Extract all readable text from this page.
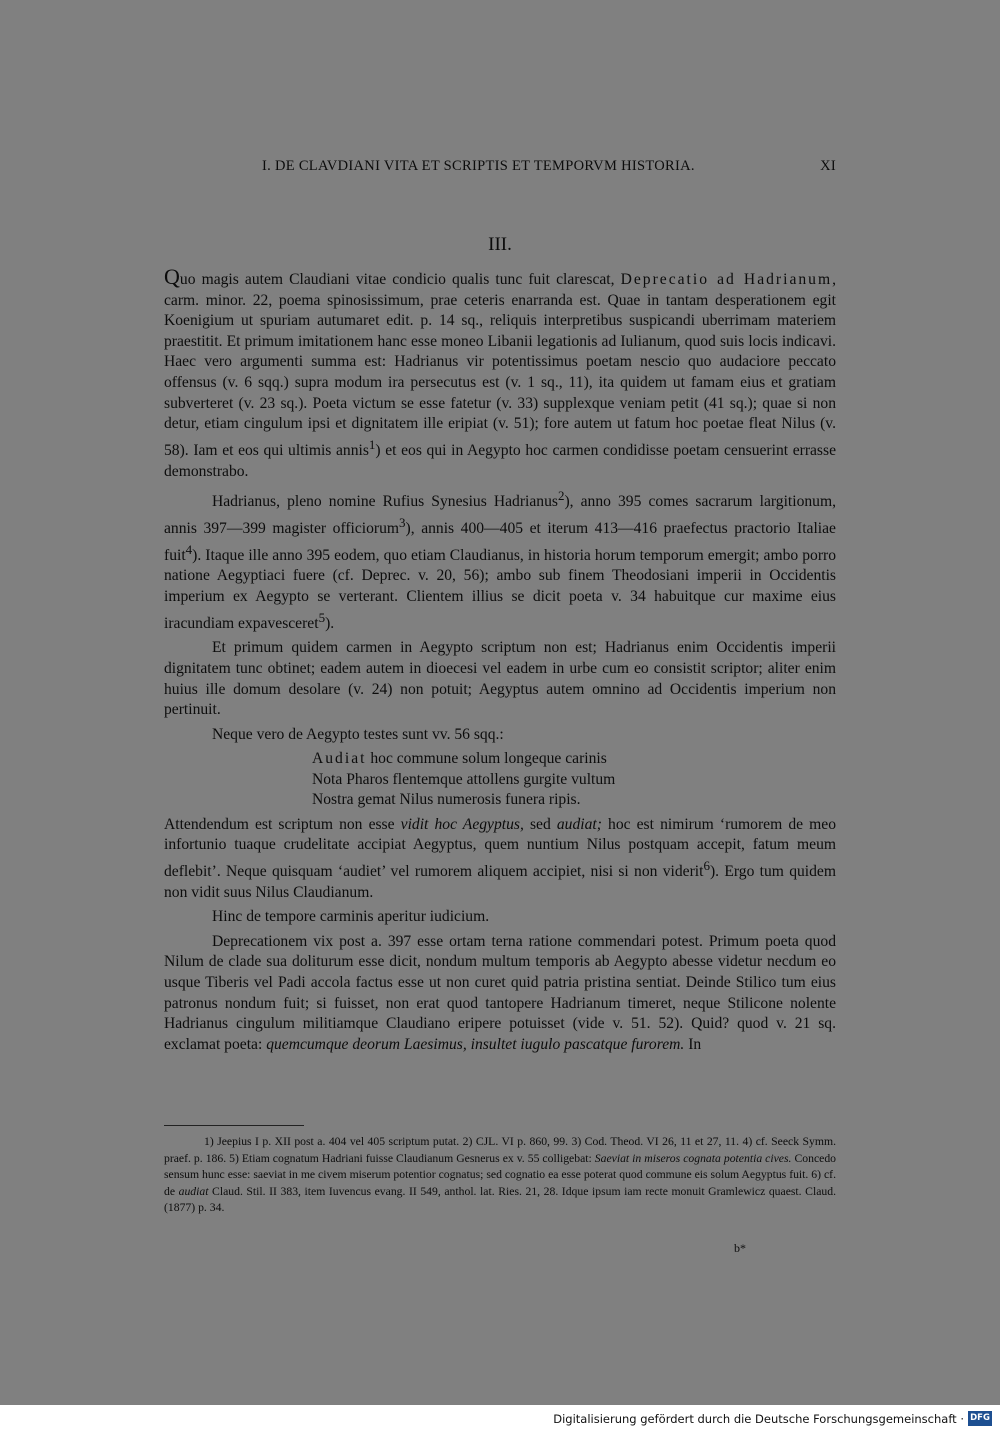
I. DE CLAVDIANI VITA ET SCRIPTIS ET TEMPORVM HISTORIA.	XI
III.

Quo magis autem Claudiani vitae condicio qualis tunc fuit clarescat, Deprecatio ad Hadrianum, carm. minor. 22, poema spinosissimum, prae ceteris enarranda est. Quae in tantam desperationem egit Koenigium ut spuriam autumaret edit. p. 14 sq., reliquis interpretibus suspicandi uberrimam materiem praestitit. Et primum imitationem hanc esse moneo Libanii legationis ad Iulianum, quod suis locis indicavi. Haec vero argumenti summa est: Hadrianus vir potentissimus poetam nescio quo audaciore peccato offensus (v. 6 sqq.) supra modum ira persecutus est (v. 1 sq., 11), ita quidem ut famam eius et gratiam subverteret (v. 23 sq.). Poeta victum se esse fatetur (v. 33) supplexque veniam petit (41 sq.); quae si non detur, etiam cingulum ipsi et dignitatem ille eripiat (v. 51); fore autem ut fatum hoc poetae fleat Nilus (v. 58). Iam et eos qui ultimis annis$^1$) et eos qui in Aegypto hoc carmen condidisse poetam censuerint errasse demonstrabo.

Hadrianus, pleno nomine Rufius Synesius Hadrianus$^2$), anno 395 comes sacrarum largitionum, annis 397—399 magister officiorum$^3$), annis 400—405 et iterum 413—416 praefectus practorio Italiae fuit$^4$). Itaque ille anno 395 eodem, quo etiam Claudianus, in historia horum temporum emergit; ambo porro natione Aegyptiaci fuere (cf. Deprec. v. 20, 56); ambo sub finem Theodosiani imperii in Occidentis imperium ex Aegypto se verterant. Clientem illius se dicit poeta v. 34 habuitque cur maxime eius iracundiam expavesceret$^5$).

Et primum quidem carmen in Aegypto scriptum non est; Hadrianus enim Occidentis imperii dignitatem tunc obtinet; eadem autem in dioecesi vel eadem in urbe cum eo consistit scriptor; aliter enim huius ille domum desolare (v. 24) non potuit; Aegyptus autem omnino ad Occidentis imperium non pertinuit.

Neque vero de Aegypto testes sunt vv. 56 sqq.:

Audiat hoc commune solum longeque carinis
Nota Pharos flentemque attollens gurgite vultum
Nostra gemat Nilus numerosis funera ripis.

Attendendum est scriptum non esse vidit hoc Aegyptus, sed audiat; hoc est nimirum ‘rumorem de meo infortunio tuaque crudelitate accipiat Aegyptus, quem nuntium Nilus postquam accepit, fatum meum deflebit’. Neque quisquam ‘audiet’ vel rumorem aliquem accipiet, nisi si non viderit$^6$). Ergo tum quidem non vidit suus Nilus Claudianum.

Hinc de tempore carminis aperitur iudicium.

Deprecationem vix post a. 397 esse ortam terna ratione commendari potest. Primum poeta quod Nilum de clade sua doliturum esse dicit, nondum multum temporis ab Aegypto abesse videtur necdum eo usque Tiberis vel Padi accola factus esse ut non curet quid patria pristina sentiat. Deinde Stilico tum eius patronus nondum fuit; si fuisset, non erat quod tantopere Hadrianum timeret, neque Stilicone nolente Hadrianus cingulum militiamque Claudiano eripere potuisset (vide v. 51. 52). Quid? quod v. 21 sq. exclamat poeta: quemcumque deorum Laesimus, insultet iugulo pascatque furorem. In

1) Jeepius I p. XII post a. 404 vel 405 scriptum putat. 2) CJL. VI p. 860, 99. 3) Cod. Theod. VI 26, 11 et 27, 11. 4) cf. Seeck Symm. praef. p. 186. 5) Etiam cognatum Hadriani fuisse Claudianum Gesnerus ex v. 55 colligebat: Saeviat in miseros cognata potentia cives. Concedo sensum hunc esse: saeviat in me civem miserum potentior cognatus; sed cognatio ea esse poterat quod commune eis solum Aegyptus fuit. 6) cf. de audiat Claud. Stil. II 383, item Iuvencus evang. II 549, anthol. lat. Ries. 21, 28. Idque ipsum iam recte monuit Gramlewicz quaest. Claud. (1877) p. 34.

b*
Digitalisierung gefördert durch die Deutsche Forschungsgemeinschaft · DFG
